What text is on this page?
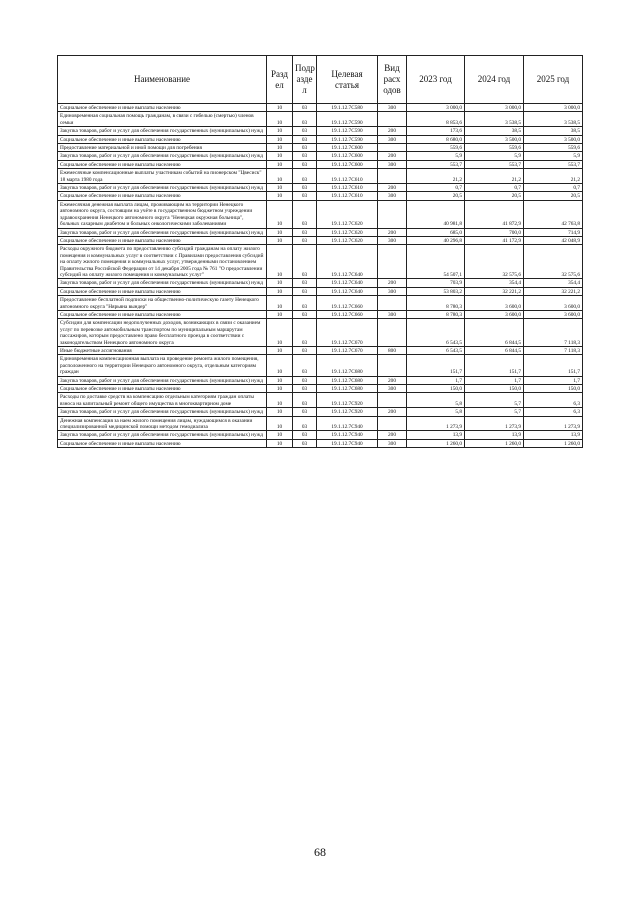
Наименование	Разд ел	Подр азде л	Целевая статья	Вид расх одов	2023 год	2024 год	2025 год
Социальное обеспечение и иные выплаты населению	10	03	19.1.12.7С580	300	3 000,0	3 000,0	3 000,0
Единовременная социальная помощь гражданам, в связи с гибелью (смертью) членов семьи	10	03	19.1.12.7С590		8 853,6	3 538,5	3 538,5
Закупка товаров, работ и услуг для обеспечения государственных (муниципальных) нужд	10	03	19.1.12.7С590	200	173,6	38,5	38,5
Социальное обеспечение и иные выплаты населению	10	03	19.1.12.7С590	300	8 680,0	3 500,0	3 500,0
Предоставление материальной и иной помощи для погребения	10	03	19.1.12.7С600		559,6	559,6	559,6
Закупка товаров, работ и услуг для обеспечения государственных (муниципальных) нужд	10	03	19.1.12.7С600	200	5,9	5,9	5,9
Социальное обеспечение и иные выплаты населению	10	03	19.1.12.7С600	300	553,7	553,7	553,7
Ежемесячные компенсационные выплаты участникам событий на пионерском "Цвесиск" 18 марта 1980 года	10	03	19.1.12.7С610		21,2	21,2	21,2
Закупка товаров, работ и услуг для обеспечения государственных (муниципальных) нужд	10	03	19.1.12.7С610	200	0,7	0,7	0,7
Социальное обеспечение и иные выплаты населению	10	03	19.1.12.7С610	300	20,5	20,5	20,5
Ежемесячная денежная выплата лицам, проживающим на территории Ненецкого автономного округа, состоящим на учёте в государственном бюджетном учреждении здравоохранения Ненецкого автономного округа "Ненецкая окружная больница", больных сахарным диабетом и больных онкологическими заболеваниями	10	03	19.1.12.7С620		40 981,8	41 872,9	42 763,8
Закупка товаров, работ и услуг для обеспечения государственных (муниципальных) нужд	10	03	19.1.12.7С620	200	685,0	700,0	714,9
Социальное обеспечение и иные выплаты населению	10	03	19.1.12.7С620	300	40 296,8	41 172,9	42 048,9
Расходы окружного бюджета по предоставлению субсидий гражданам на оплату жилого помещения и коммунальных услуг в соответствии с Правилами предоставления субсидий на оплату жилого помещения и коммунальных услуг, утвержденными постановлением Правительства Российской Федерации от 14 декабря 2005 года № 761 "О предоставлении субсидий на оплату жилого помещения и коммунальных услуг"	10	03	19.1.12.7С640		54 507,1	32 575,6	32 575,6
Закупка товаров, работ и услуг для обеспечения государственных (муниципальных) нужд	10	03	19.1.12.7С640	200	703,9	354,4	354,4
Социальное обеспечение и иные выплаты населению	10	03	19.1.12.7С640	300	53 803,2	32 221,2	32 221,2
Предоставление бесплатной подписки на общественно-политическую газету Ненецкого автономного округа "Нярьяна вындер"	10	03	19.1.12.7С660		8 780,3	3 600,0	3 600,0
Социальное обеспечение и иные выплаты населению	10	03	19.1.12.7С660	300	8 780,3	3 600,0	3 600,0
Субсидии для компенсации недополученных доходов, возникающих в связи с оказанием услуг по перевозке автомобильным транспортом по муниципальным маршрутам пассажиров, которым предоставлено право бесплатного проезда в соответствии с законодательством Ненецкого автономного округа	10	03	19.1.12.7С670		6 543,5	6 844,5	7 118,3
Иные бюджетные ассигнования	10	03	19.1.12.7С670	800	6 543,5	6 844,5	7 118,3
Единовременная компенсационная выплата на проведение ремонта жилого помещения, расположенного на территории Ненецкого автономного округа, отдельным категориям граждан	10	03	19.1.12.7С680		151,7	151,7	151,7
Закупка товаров, работ и услуг для обеспечения государственных (муниципальных) нужд	10	03	19.1.12.7С680	200	1,7	1,7	1,7
Социальное обеспечение и иные выплаты населению	10	03	19.1.12.7С680	300	150,0	150,0	150,0
Расходы по доставке средств на компенсацию отдельным категориям граждан оплаты взноса на капитальный ремонт общего имущества в многоквартирном доме	10	03	19.1.12.7С920		5,8	5,7	6,3
Закупка товаров, работ и услуг для обеспечения государственных (муниципальных) нужд	10	03	19.1.12.7С920	200	5,8	5,7	6,3
Денежная компенсация за наем жилого помещения лицам, нуждающимся в оказании специализированной медицинской помощи методом гемодиализа	10	03	19.1.12.7С940		1 273,9	1 273,9	1 273,9
Закупка товаров, работ и услуг для обеспечения государственных (муниципальных) нужд	10	03	19.1.12.7С940	200	13,9	13,9	13,9
Социальное обеспечение и иные выплаты населению	10	03	19.1.12.7С940	300	1 260,0	1 260,0	1 260,0
68
